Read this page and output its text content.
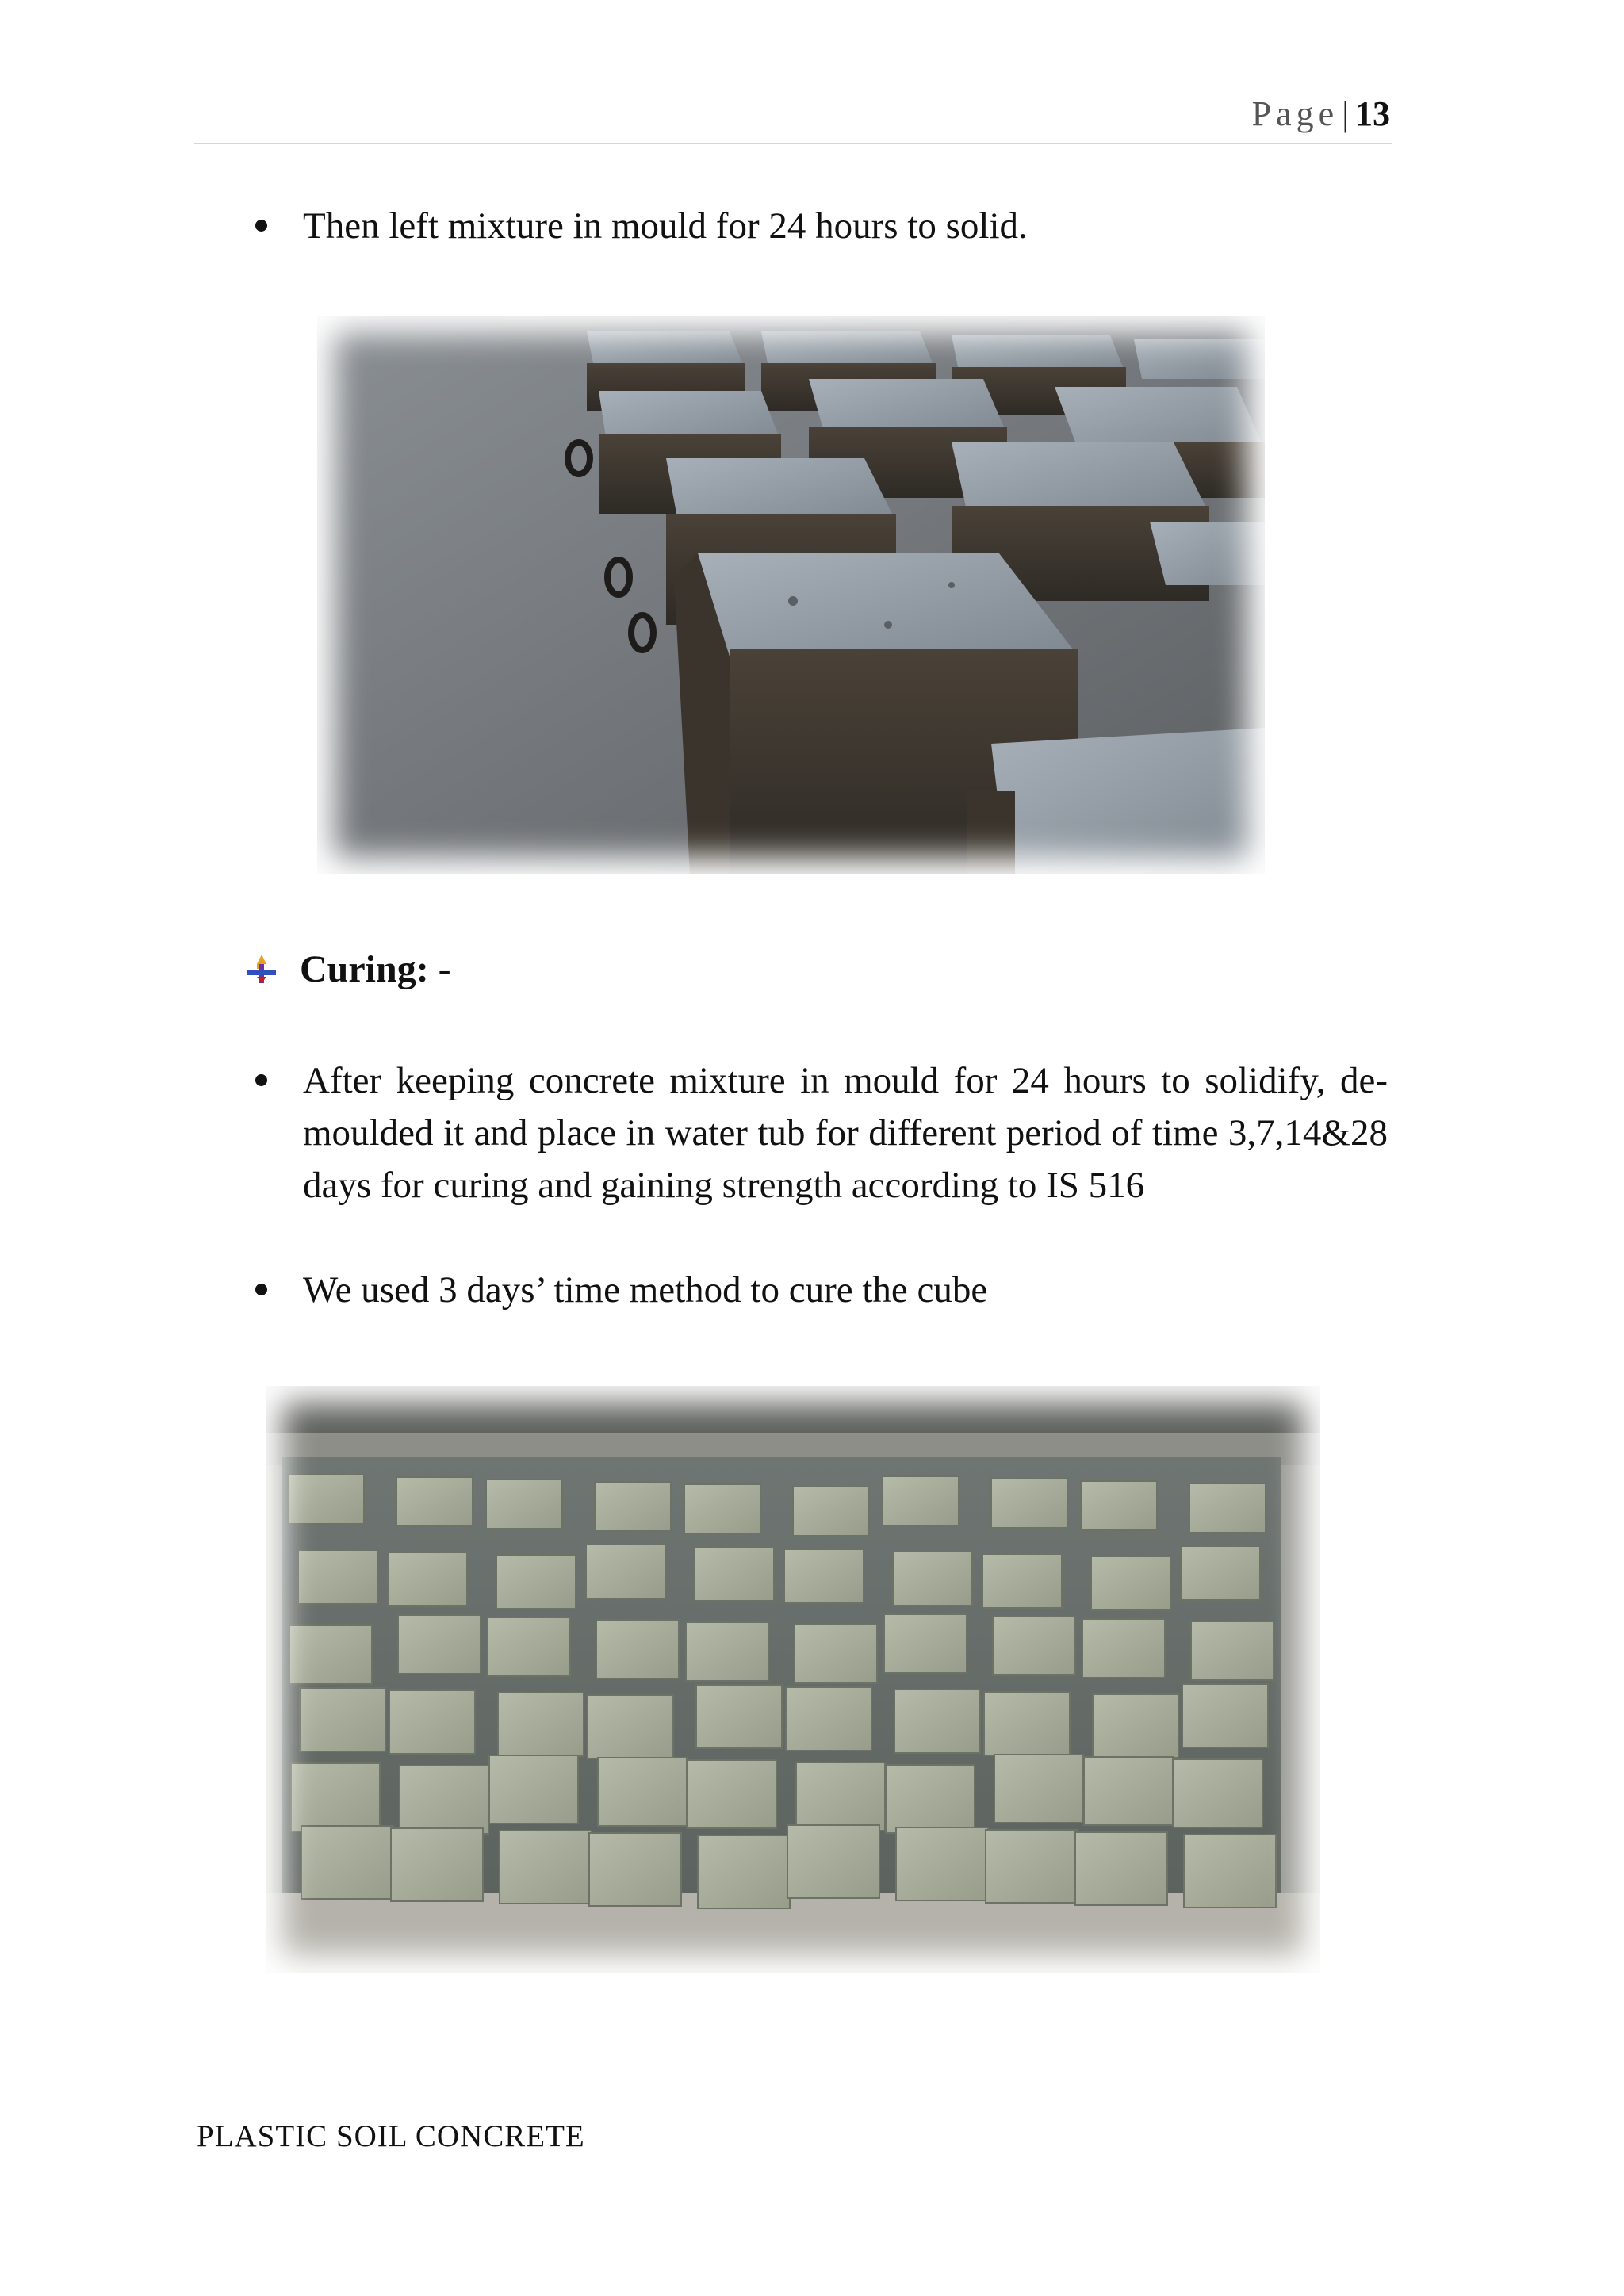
Page| 13
Then left mixture in mould for 24 hours to solid.
Curing: -
After keeping concrete mixture in mould for 24 hours to solidify, de-moulded it and place in water tub for different period of time 3,7,14&28 days for curing and gaining strength according to IS 516
We used 3 days’ time method to cure the cube
PLASTIC SOIL CONCRETE
